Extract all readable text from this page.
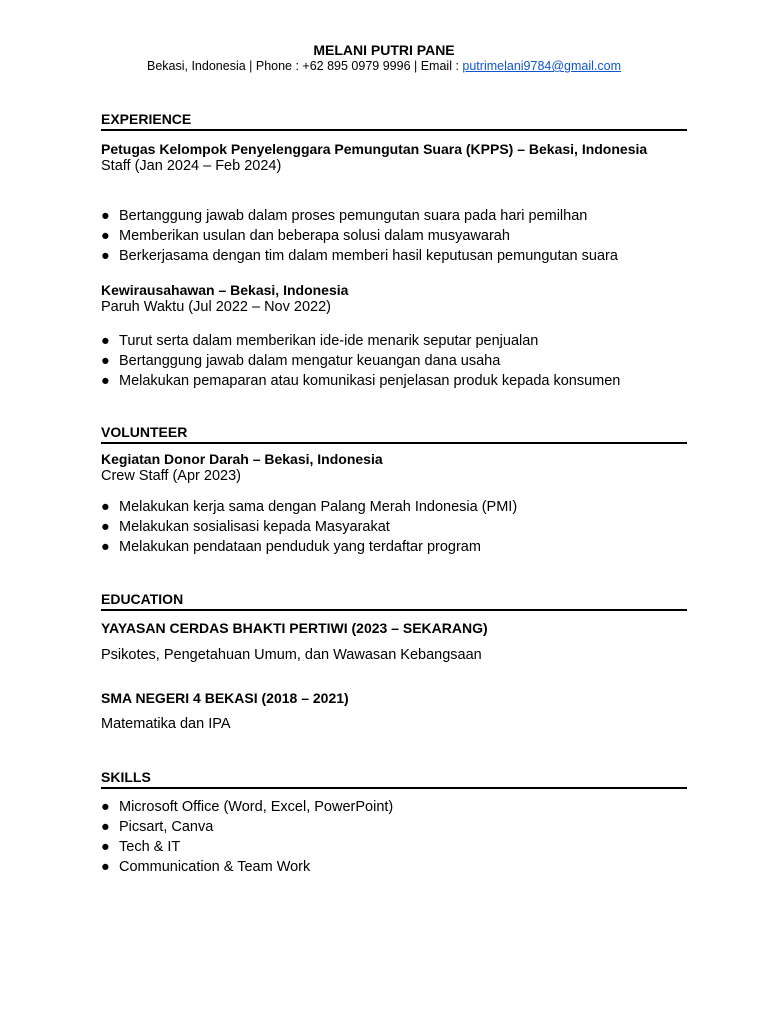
MELANI PUTRI PANE
Bekasi, Indonesia | Phone : +62 895 0979 9996 | Email : putrimelani9784@gmail.com
EXPERIENCE
Petugas Kelompok Penyelenggara Pemungutan Suara (KPPS) – Bekasi, Indonesia
Staff (Jan 2024 – Feb 2024)
● Bertanggung jawab dalam proses pemungutan suara pada hari pemilhan
● Memberikan usulan dan beberapa solusi dalam musyawarah
● Berkerjasama dengan tim dalam memberi hasil keputusan pemungutan suara
Kewirausahawan – Bekasi, Indonesia
Paruh Waktu (Jul 2022 – Nov 2022)
● Turut serta dalam memberikan ide-ide menarik seputar penjualan
● Bertanggung jawab dalam mengatur keuangan dana usaha
● Melakukan pemaparan atau komunikasi penjelasan produk kepada konsumen
VOLUNTEER
Kegiatan Donor Darah – Bekasi, Indonesia
Crew Staff (Apr 2023)
● Melakukan kerja sama dengan Palang Merah Indonesia (PMI)
● Melakukan sosialisasi kepada Masyarakat
● Melakukan pendataan penduduk yang terdaftar program
EDUCATION
YAYASAN CERDAS BHAKTI PERTIWI (2023 – SEKARANG)
Psikotes, Pengetahuan Umum, dan Wawasan Kebangsaan
SMA NEGERI 4 BEKASI (2018 – 2021)
Matematika dan IPA
SKILLS
● Microsoft Office (Word, Excel, PowerPoint)
● Picsart, Canva
● Tech & IT
● Communication & Team Work
